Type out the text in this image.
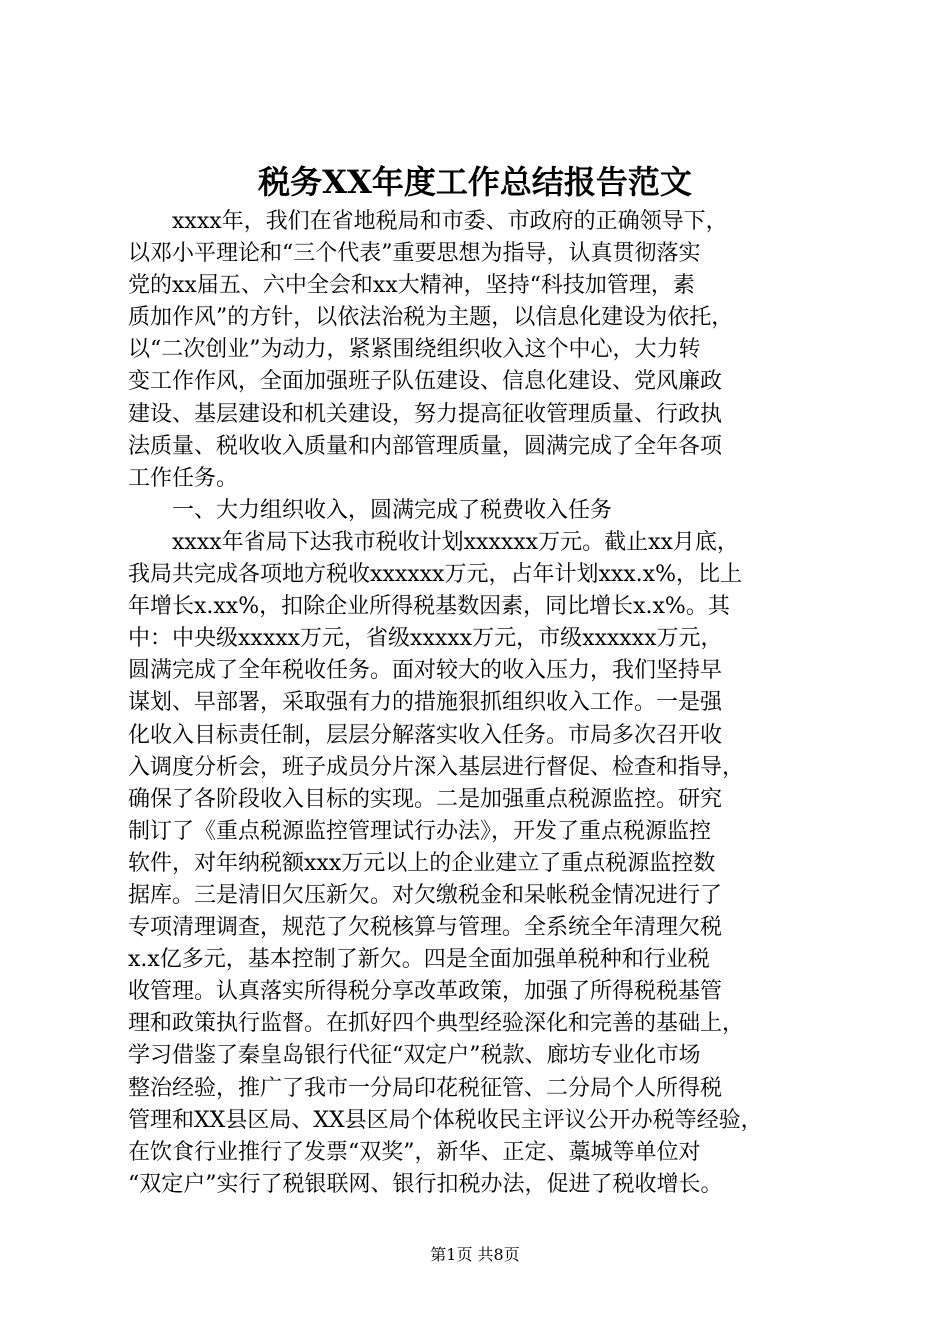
税务XX年度工作总结报告范文
xxxx年，我们在省地税局和市委、市政府的正确领导下，
以邓小平理论和“三个代表”重要思想为指导，认真贯彻落实
党的xx届五、六中全会和xx大精神，坚持“科技加管理，素
质加作风”的方针，以依法治税为主题，以信息化建设为依托，
以“二次创业”为动力，紧紧围绕组织收入这个中心，大力转
变工作作风，全面加强班子队伍建设、信息化建设、党风廉政
建设、基层建设和机关建设，努力提高征收管理质量、行政执
法质量、税收收入质量和内部管理质量，圆满完成了全年各项
工作任务。
一、大力组织收入，圆满完成了税费收入任务
xxxx年省局下达我市税收计划xxxxxx万元。截止xx月底，
我局共完成各项地方税收xxxxxx万元，占年计划xxx.x%，比上
年增长x.xx%，扣除企业所得税基数因素，同比增长x.x%。其
中：中央级xxxxx万元，省级xxxxx万元，市级xxxxxx万元，
圆满完成了全年税收任务。面对较大的收入压力，我们坚持早
谋划、早部署，采取强有力的措施狠抓组织收入工作。一是强
化收入目标责任制，层层分解落实收入任务。市局多次召开收
入调度分析会，班子成员分片深入基层进行督促、检查和指导，
确保了各阶段收入目标的实现。二是加强重点税源监控。研究
制订了《重点税源监控管理试行办法》，开发了重点税源监控
软件，对年纳税额xxx万元以上的企业建立了重点税源监控数
据库。三是清旧欠压新欠。对欠缴税金和呆帐税金情况进行了
专项清理调查，规范了欠税核算与管理。全系统全年清理欠税
x.x亿多元，基本控制了新欠。四是全面加强单税种和行业税
收管理。认真落实所得税分享改革政策，加强了所得税税基管
理和政策执行监督。在抓好四个典型经验深化和完善的基础上，
学习借鉴了秦皇岛银行代征“双定户”税款、廊坊专业化市场
整治经验，推广了我市一分局印花税征管、二分局个人所得税
管理和XX县区局、XX县区局个体税收民主评议公开办税等经验，
在饮食行业推行了发票“双奖”，新华、正定、藁城等单位对
“双定户”实行了税银联网、银行扣税办法，促进了税收增长。
第1页 共8页
